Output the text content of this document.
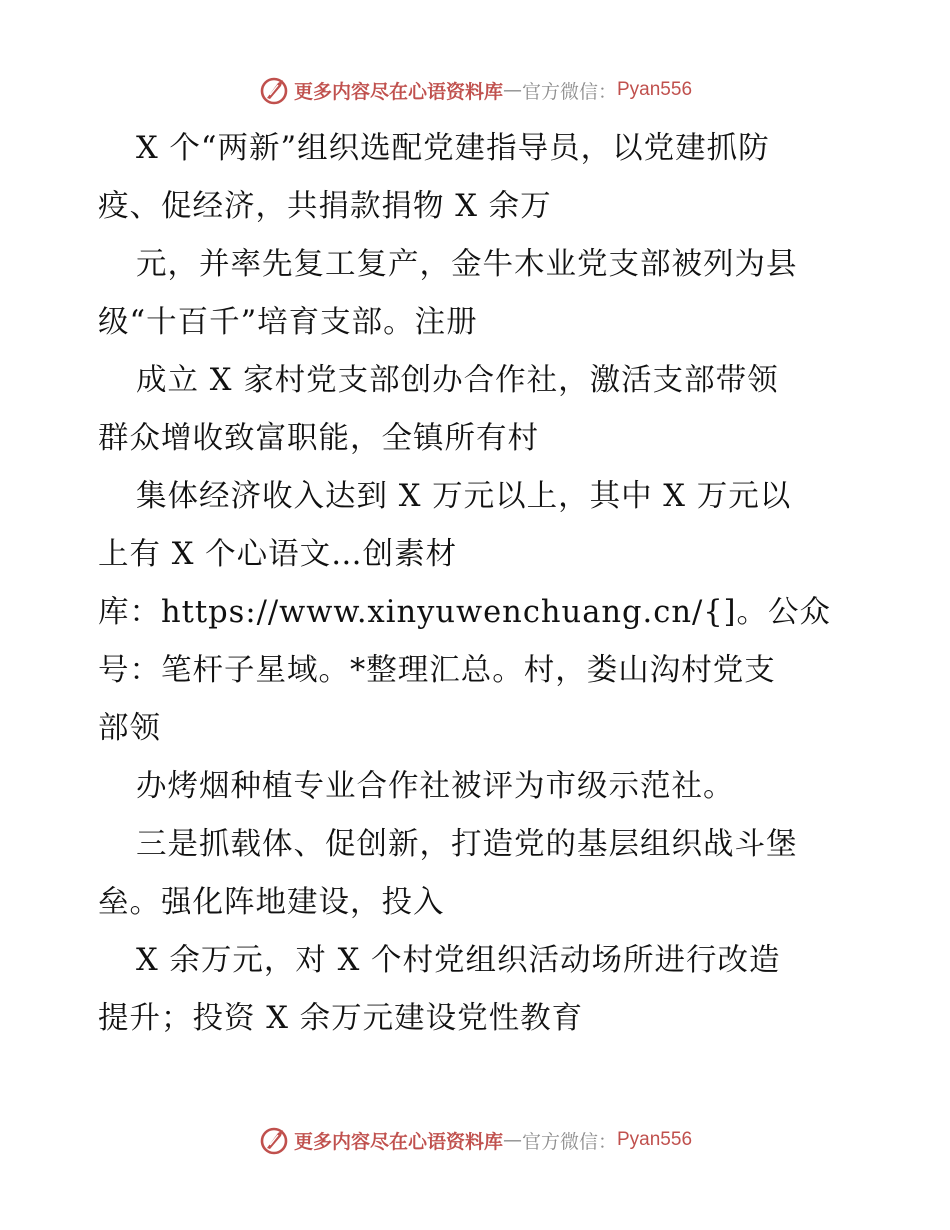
更多内容尽在心语资料库 — 官方微信： Pyan556
X 个“两新”组织选配党建指导员，以党建抓防
疫、促经济，共捐款捐物 X 余万
元，并率先复工复产，金牛木业党支部被列为县
级“十百千”培育支部。注册
成立 X 家村党支部创办合作社，激活支部带领
群众增收致富职能，全镇所有村
集体经济收入达到 X 万元以上，其中 X 万元以
上有 X 个心语文…创素材
库：https://www.xinyuwenchuang.cn/{]。公众
号：笔杆子星域。*整理汇总。村，娄山沟村党支
部领
办烤烟种植专业合作社被评为市级示范社。
三是抓载体、促创新，打造党的基层组织战斗堡
垒。强化阵地建设，投入
X 余万元，对 X 个村党组织活动场所进行改造
提升；投资 X 余万元建设党性教育
更多内容尽在心语资料库 — 官方微信： Pyan556
